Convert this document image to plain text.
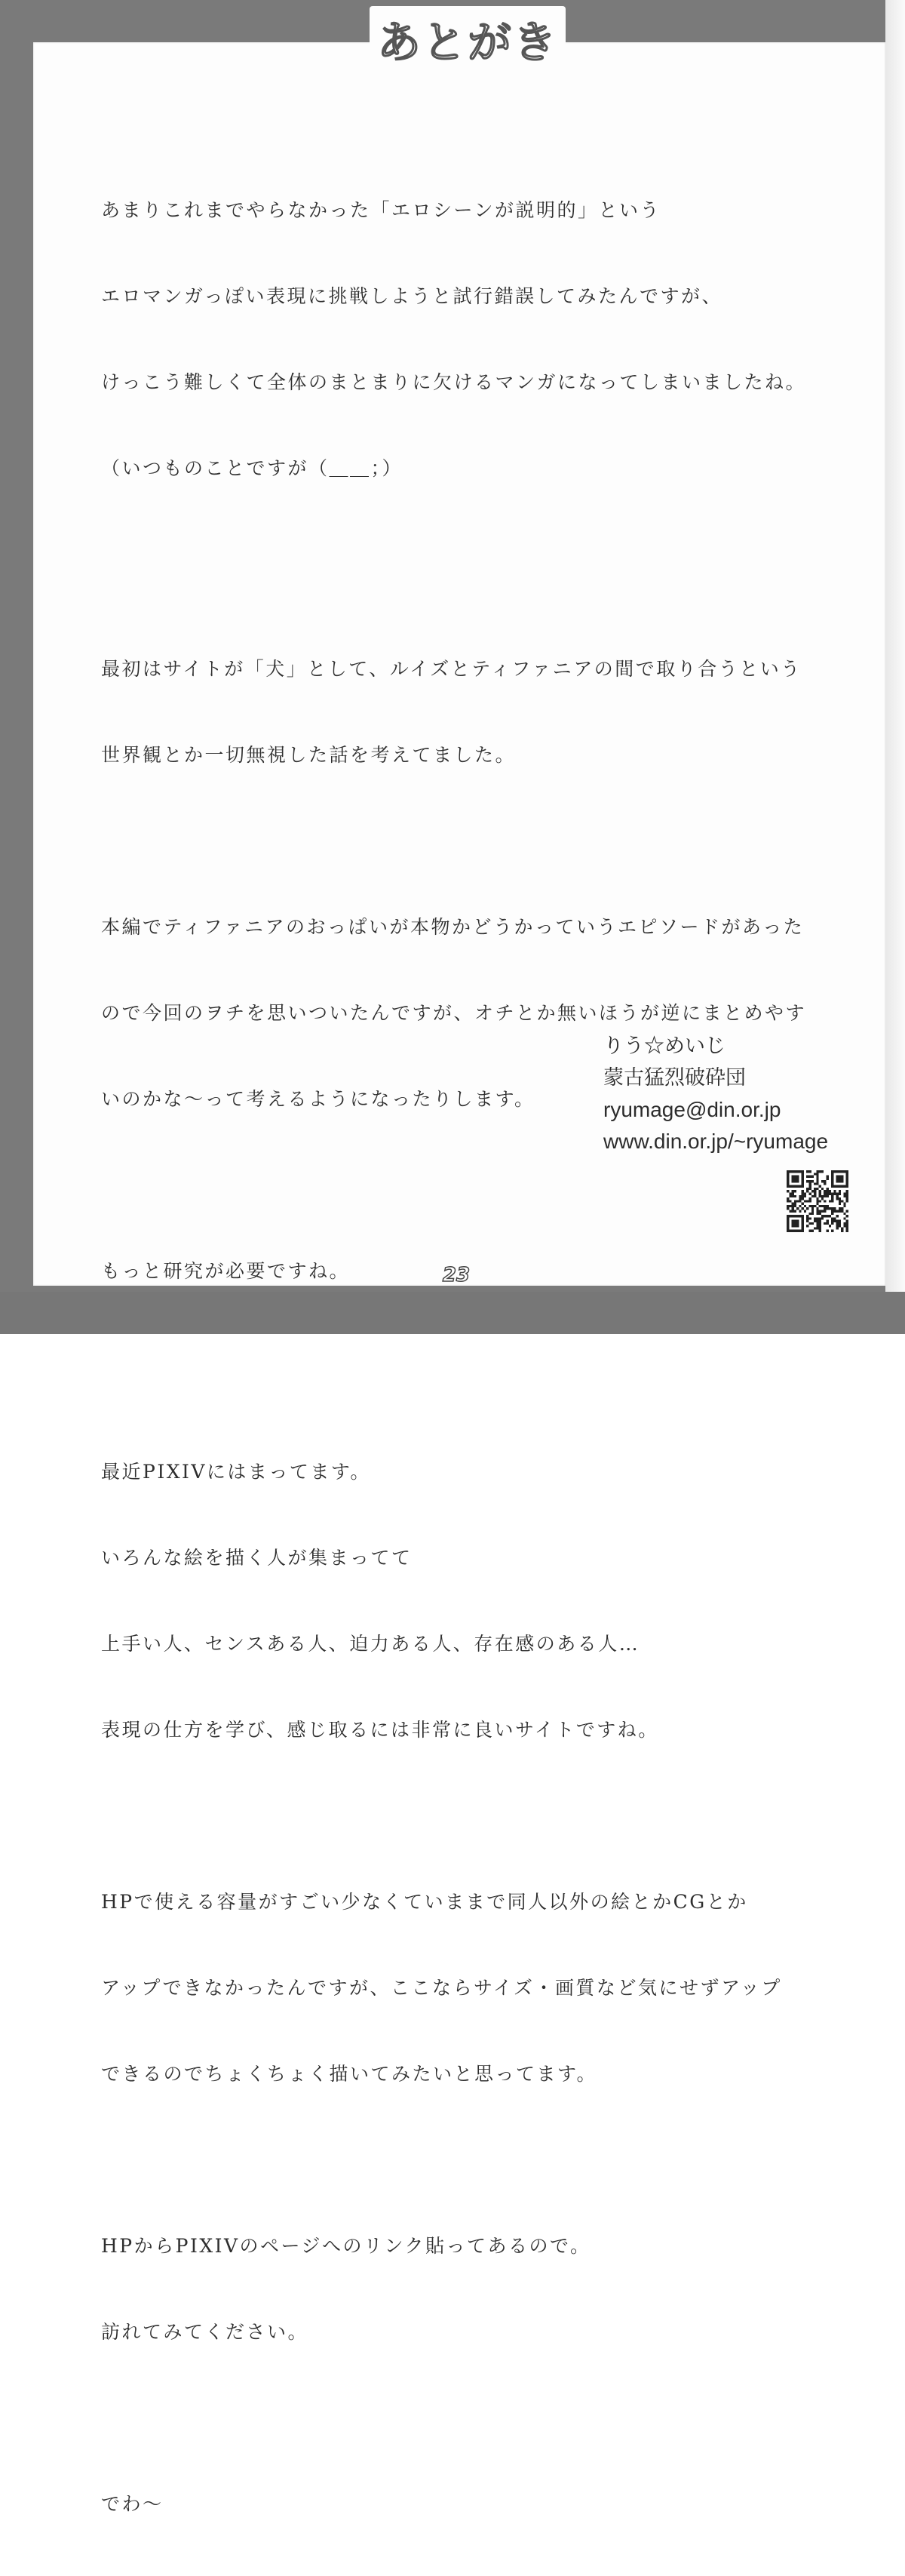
あとがき

あまりこれまでやらなかった「エロシーンが説明的」という

エロマンガっぽい表現に挑戦しようと試行錯誤してみたんですが、

けっこう難しくて全体のまとまりに欠けるマンガになってしまいましたね。

（いつものことですが（＿＿；）

最初はサイトが「犬」として、ルイズとティファニアの間で取り合うという

世界観とか一切無視した話を考えてました。

本編でティファニアのおっぱいが本物かどうかっていうエピソードがあった

ので今回のヲチを思いついたんですが、オチとか無いほうが逆にまとめやす

いのかな～って考えるようになったりします。

もっと研究が必要ですね。

最近PIXIVにはまってます。

いろんな絵を描く人が集まってて

上手い人、センスある人、迫力ある人、存在感のある人…

表現の仕方を学び、感じ取るには非常に良いサイトですね。

HPで使える容量がすごい少なくていままで同人以外の絵とかCGとか

アップできなかったんですが、ここならサイズ・画質など気にせずアップ

できるのでちょくちょく描いてみたいと思ってます。

HPからPIXIVのページへのリンク貼ってあるので。

訪れてみてください。

でわ～

りう☆めいじ
蒙古猛烈破砕団
ryumage@din.or.jp
www.din.or.jp/~ryumage
23
